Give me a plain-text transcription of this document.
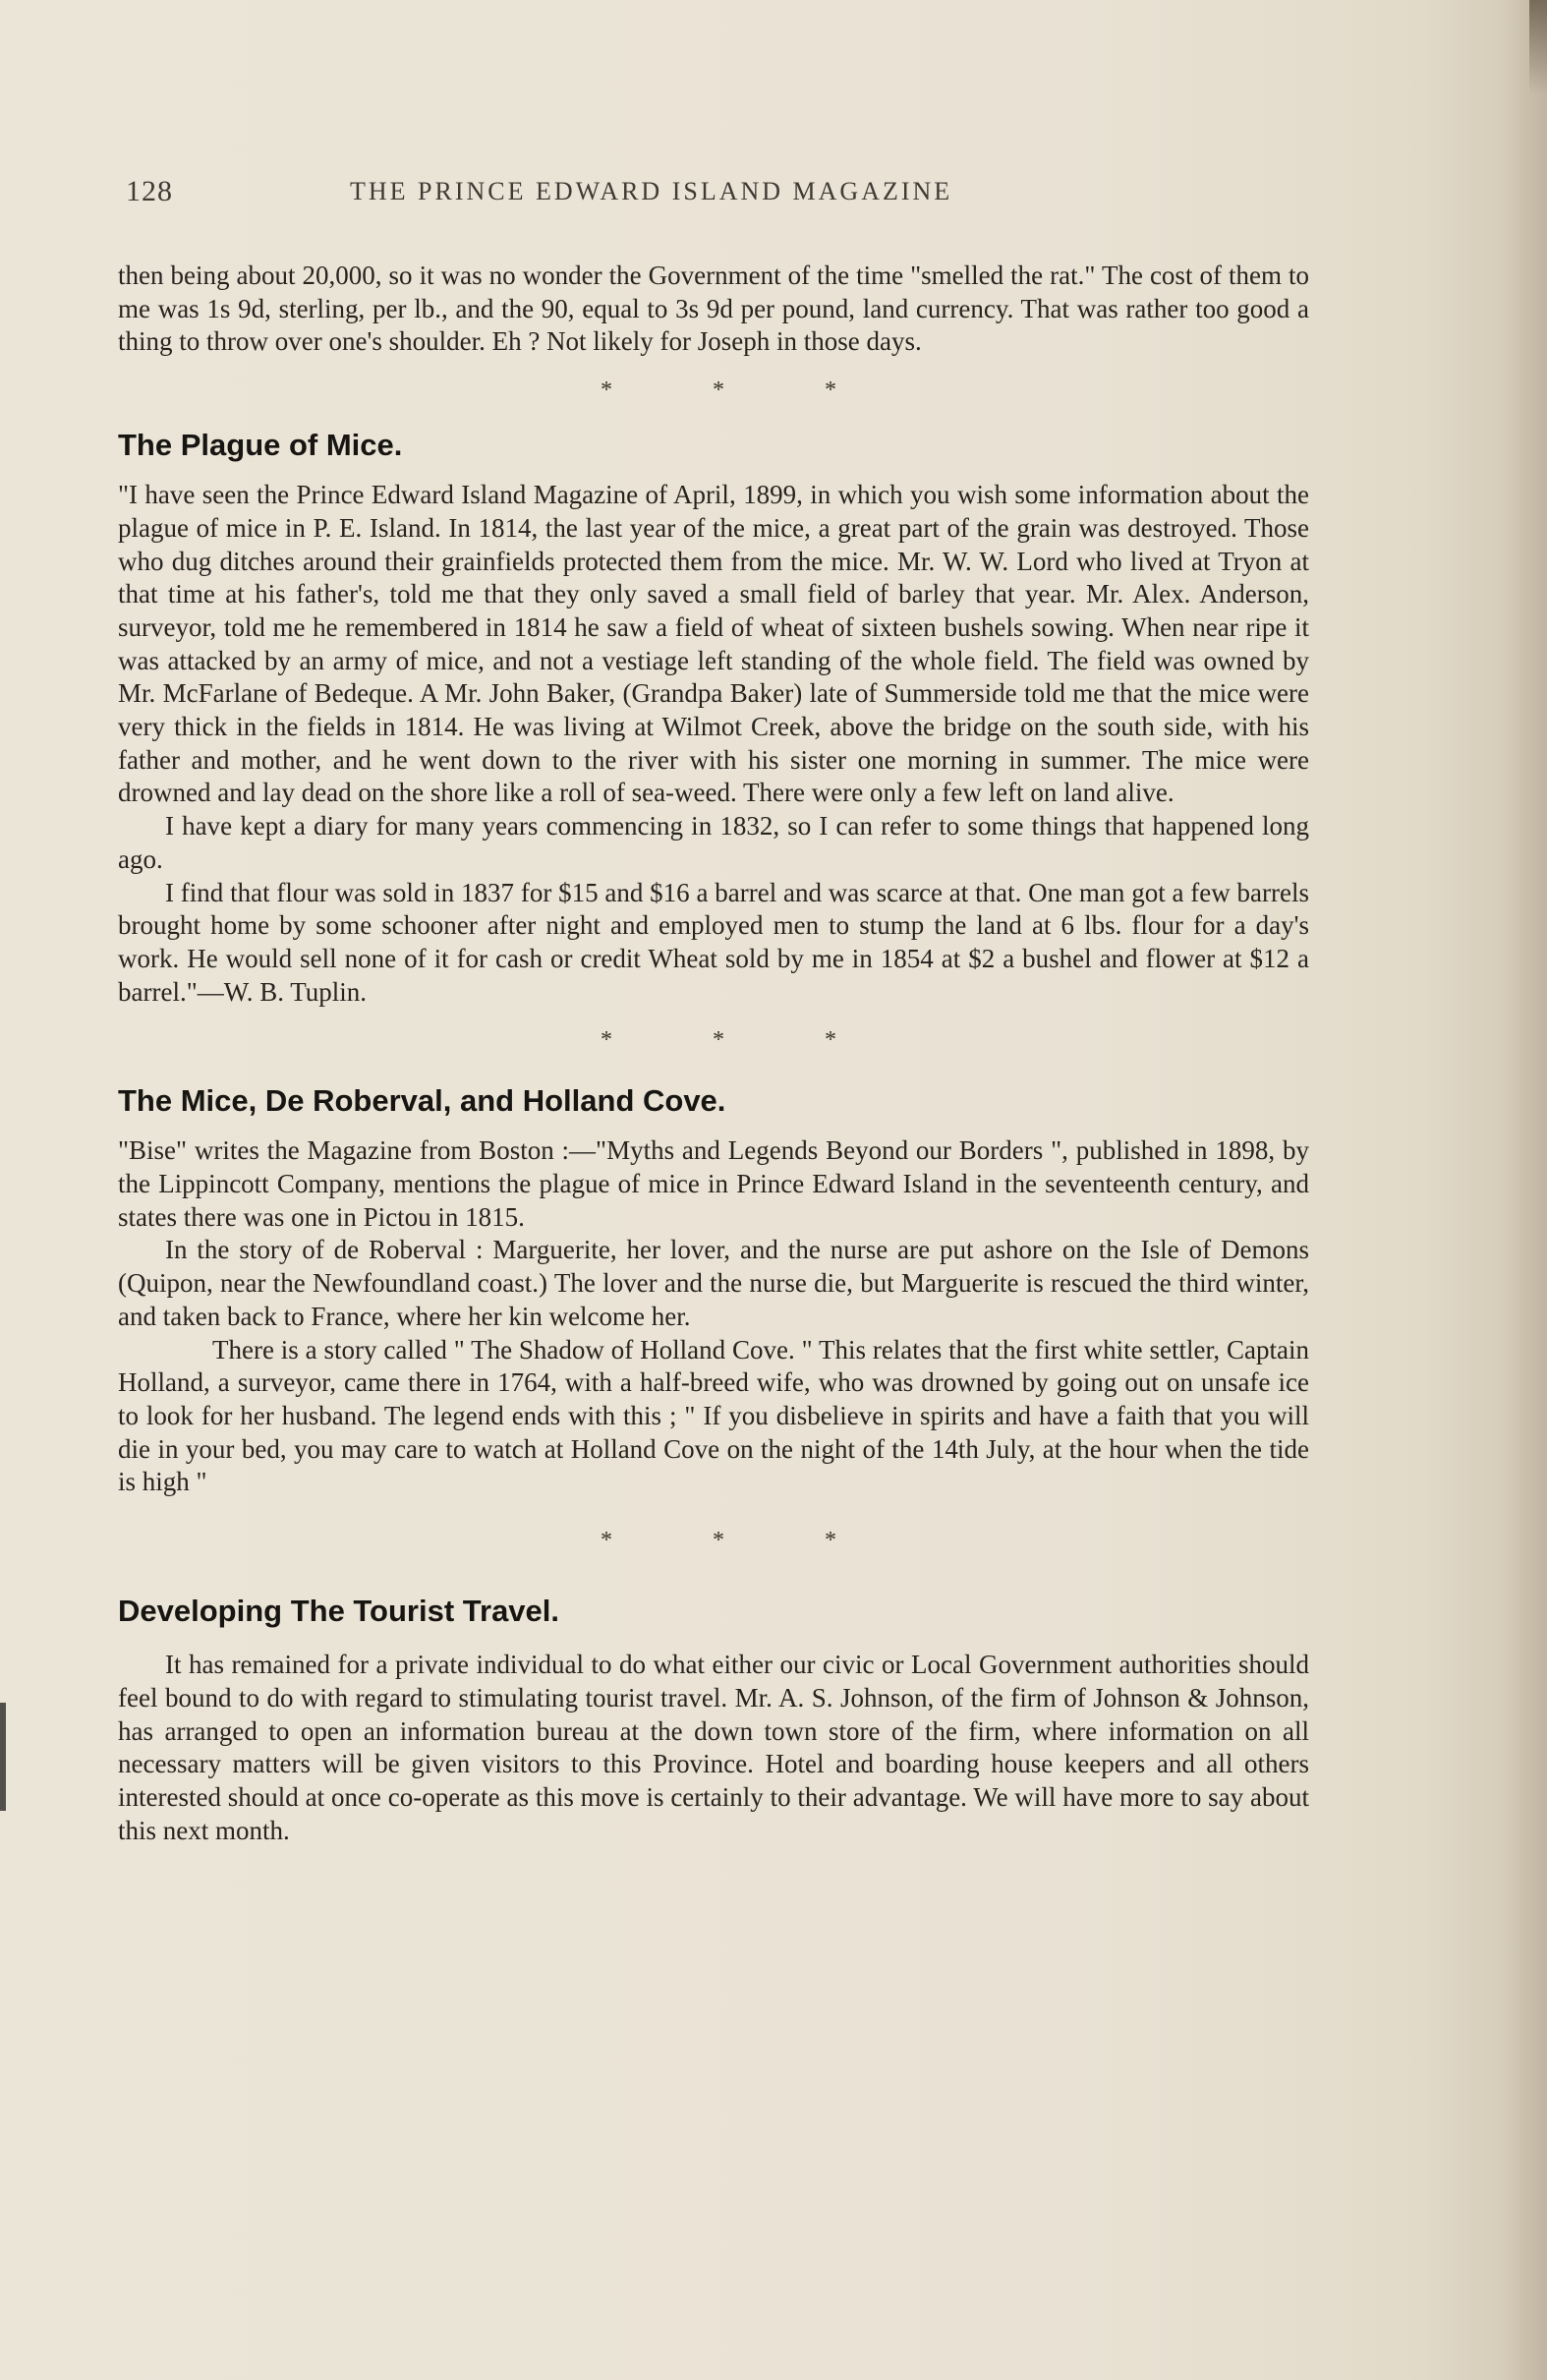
128	THE PRINCE EDWARD ISLAND MAGAZINE

then being about 20,000, so it was no wonder the Government of the time "smelled the rat." The cost of them to me was 1s 9d, sterling, per lb., and the 90, equal to 3s 9d per pound, land currency. That was rather too good a thing to throw over one's shoulder. Eh ? Not likely for Joseph in those days.

*	*	*
The Plague of Mice.

"I have seen the Prince Edward Island Magazine of April, 1899, in which you wish some information about the plague of mice in P. E. Island. In 1814, the last year of the mice, a great part of the grain was destroyed. Those who dug ditches around their grainfields protected them from the mice. Mr. W. W. Lord who lived at Tryon at that time at his father's, told me that they only saved a small field of barley that year. Mr. Alex. Anderson, surveyor, told me he remembered in 1814 he saw a field of wheat of sixteen bushels sowing. When near ripe it was attacked by an army of mice, and not a vestiage left standing of the whole field. The field was owned by Mr. McFarlane of Bedeque. A Mr. John Baker, (Grandpa Baker) late of Summerside told me that the mice were very thick in the fields in 1814. He was living at Wilmot Creek, above the bridge on the south side, with his father and mother, and he went down to the river with his sister one morning in summer. The mice were drowned and lay dead on the shore like a roll of sea-weed. There were only a few left on land alive.

I have kept a diary for many years commencing in 1832, so I can refer to some things that happened long ago.

I find that flour was sold in 1837 for $15 and $16 a barrel and was scarce at that. One man got a few barrels brought home by some schooner after night and employed men to stump the land at 6 lbs. flour for a day's work. He would sell none of it for cash or credit Wheat sold by me in 1854 at $2 a bushel and flower at $12 a barrel."—W. B. Tuplin.

*	*	*
The Mice, De Roberval, and Holland Cove.

"Bise" writes the Magazine from Boston :—"Myths and Legends Beyond our Borders ", published in 1898, by the Lippincott Company, mentions the plague of mice in Prince Edward Island in the seventeenth century, and states there was one in Pictou in 1815.

In the story of de Roberval : Marguerite, her lover, and the nurse are put ashore on the Isle of Demons (Quipon, near the Newfoundland coast.) The lover and the nurse die, but Marguerite is rescued the third winter, and taken back to France, where her kin welcome her.

There is a story called " The Shadow of Holland Cove. " This relates that the first white settler, Captain Holland, a surveyor, came there in 1764, with a half-breed wife, who was drowned by going out on unsafe ice to look for her husband. The legend ends with this ; " If you disbelieve in spirits and have a faith that you will die in your bed, you may care to watch at Holland Cove on the night of the 14th July, at the hour when the tide is high "

*	*	*
Developing The Tourist Travel.

It has remained for a private individual to do what either our civic or Local Government authorities should feel bound to do with regard to stimulating tourist travel. Mr. A. S. Johnson, of the firm of Johnson & Johnson, has arranged to open an information bureau at the down town store of the firm, where information on all necessary matters will be given visitors to this Province. Hotel and boarding house keepers and all others interested should at once co-operate as this move is certainly to their advantage. We will have more to say about this next month.
